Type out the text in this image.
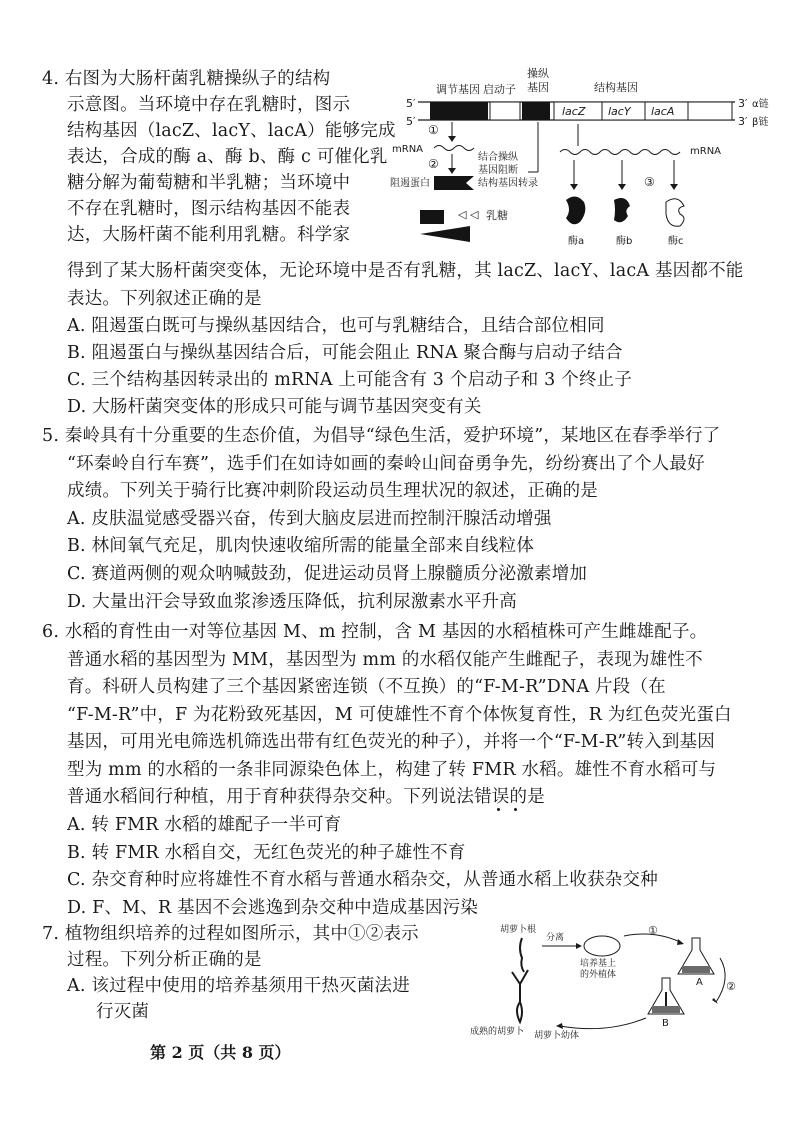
4. 右图为大肠杆菌乳糖操纵子的结构
示意图。当环境中存在乳糖时，图示
结构基因（lacZ、lacY、lacA）能够完成
表达，合成的酶 a、酶 b、酶 c 可催化乳
糖分解为葡萄糖和半乳糖；当环境中
不存在乳糖时，图示结构基因不能表
达，大肠杆菌不能利用乳糖。科学家
得到了某大肠杆菌突变体，无论环境中是否有乳糖，其 lacZ、lacY、lacA 基因都不能
表达。下列叙述正确的是
A. 阻遏蛋白既可与操纵基因结合，也可与乳糖结合，且结合部位相同
B. 阻遏蛋白与操纵基因结合后，可能会阻止 RNA 聚合酶与启动子结合
C. 三个结构基因转录出的 mRNA 上可能含有 3 个启动子和 3 个终止子
D. 大肠杆菌突变体的形成只可能与调节基因突变有关
调节基因 启动子
操纵
基因	结构基因
5′
5′
3′
3′
α链
β链
lacZ lacY lacA
①
mRNA
②	结合操纵
基因阻断
结构基因转录
阻遏蛋白
◁ ◁ 乳糖
mRNA
③
酶a	酶b	酶c
5. 秦岭具有十分重要的生态价值，为倡导“绿色生活，爱护环境”，某地区在春季举行了
“环秦岭自行车赛”，选手们在如诗如画的秦岭山间奋勇争先，纷纷赛出了个人最好
成绩。下列关于骑行比赛冲刺阶段运动员生理状况的叙述，正确的是
A. 皮肤温觉感受器兴奋，传到大脑皮层进而控制汗腺活动增强
B. 林间氧气充足，肌肉快速收缩所需的能量全部来自线粒体
C. 赛道两侧的观众呐喊鼓劲，促进运动员肾上腺髓质分泌激素增加
D. 大量出汗会导致血浆渗透压降低，抗利尿激素水平升高
6. 水稻的育性由一对等位基因 M、m 控制，含 M 基因的水稻植株可产生雌雄配子。
普通水稻的基因型为 MM，基因型为 mm 的水稻仅能产生雌配子，表现为雄性不
育。科研人员构建了三个基因紧密连锁（不互换）的“F-M-R”DNA 片段（在
“F-M-R”中，F 为花粉致死基因，M 可使雄性不育个体恢复育性，R 为红色荧光蛋白
基因，可用光电筛选机筛选出带有红色荧光的种子），并将一个“F-M-R”转入到基因
型为 mm 的水稻的一条非同源染色体上，构建了转 FMR 水稻。雄性不育水稻可与
普通水稻间行种植，用于育种获得杂交种。下列说法错误的是
A. 转 FMR 水稻的雄配子一半可育
B. 转 FMR 水稻自交，无红色荧光的种子雄性不育
C. 杂交育种时应将雄性不育水稻与普通水稻杂交，从普通水稻上收获杂交种
D. F、M、R 基因不会逃逸到杂交种中造成基因污染
7. 植物组织培养的过程如图所示，其中①②表示
过程。下列分析正确的是
A. 该过程中使用的培养基须用干热灭菌法进
行灭菌
胡萝卜根
分离
培养基上
的外植体
①
A ②
B
成熟的胡萝卜 胡萝卜幼体
第 2 页（共 8 页）
